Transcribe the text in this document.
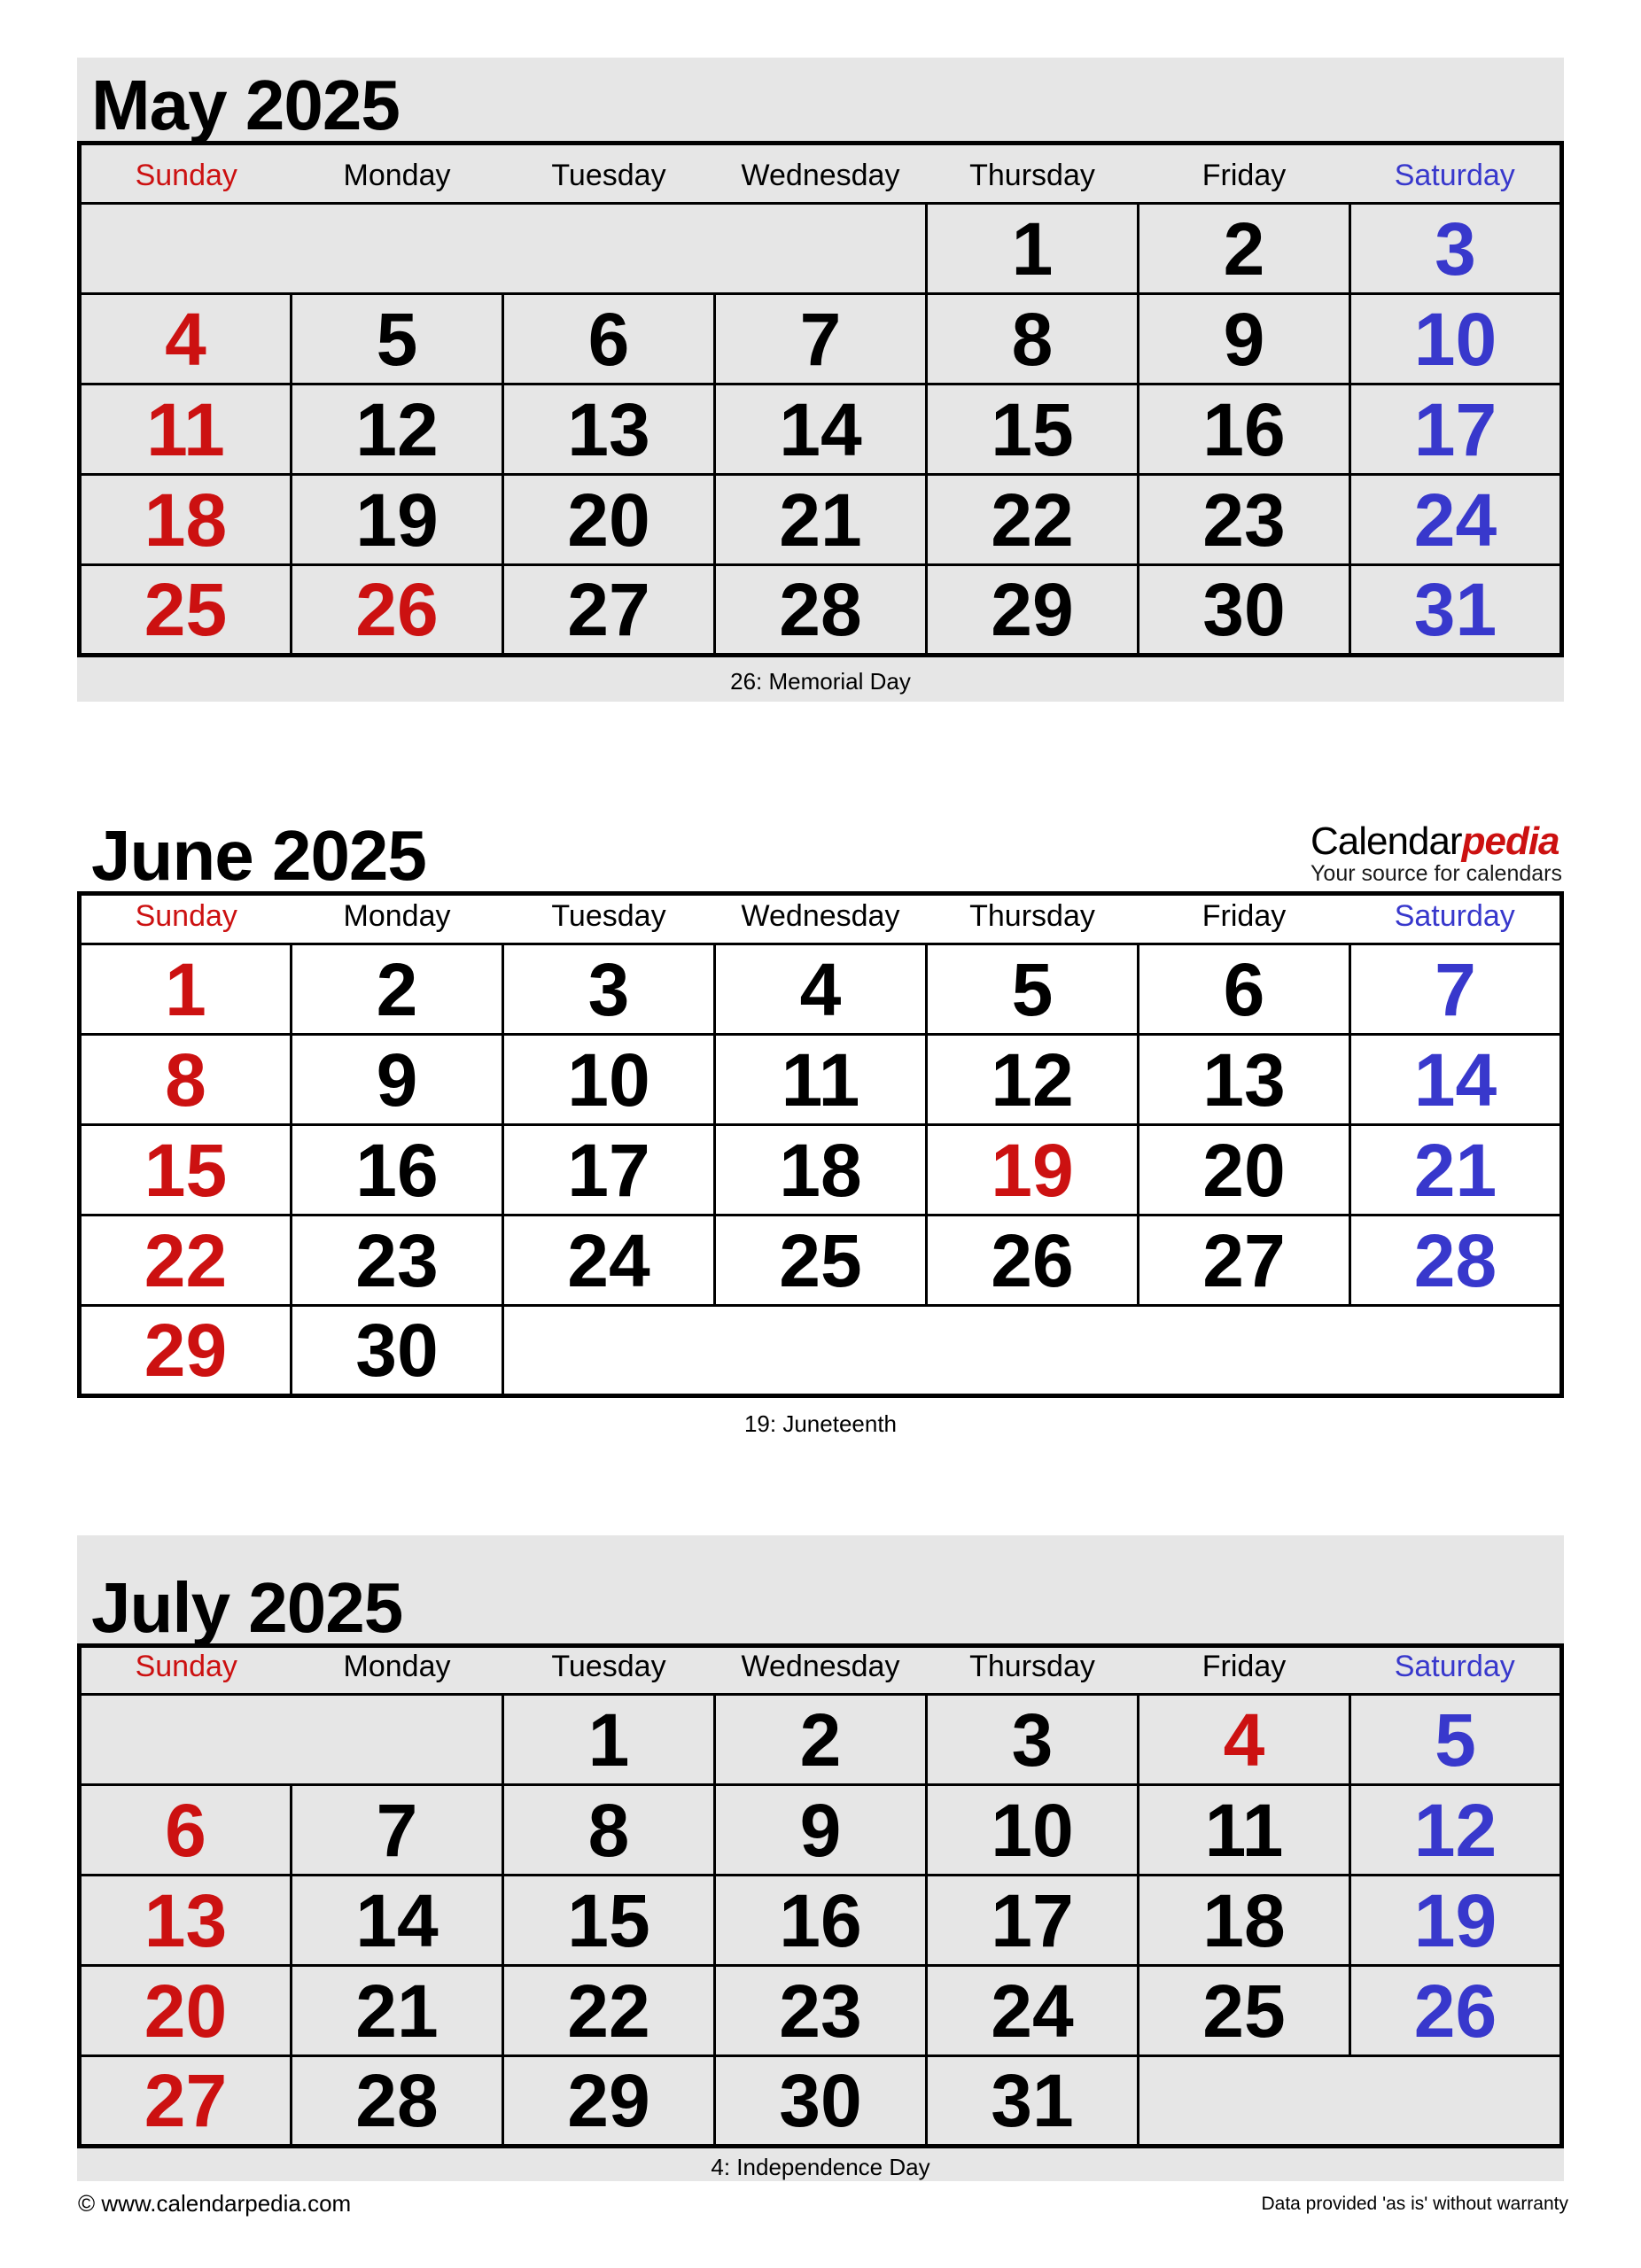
May 2025
Sunday	Monday	Tuesday	Wednesday	Thursday	Friday	Saturday
				1	2	3
4	5	6	7	8	9	10
11	12	13	14	15	16	17
18	19	20	21	22	23	24
25	26	27	28	29	30	31
26: Memorial Day
Calendarpedia
Your source for calendars
June 2025
Sunday	Monday	Tuesday	Wednesday	Thursday	Friday	Saturday
1	2	3	4	5	6	7
8	9	10	11	12	13	14
15	16	17	18	19	20	21
22	23	24	25	26	27	28
29	30					
19: Juneteenth
July 2025
Sunday	Monday	Tuesday	Wednesday	Thursday	Friday	Saturday
		1	2	3	4	5
6	7	8	9	10	11	12
13	14	15	16	17	18	19
20	21	22	23	24	25	26
27	28	29	30	31		
4: Independence Day
© www.calendarpedia.com	Data provided 'as is' without warranty
